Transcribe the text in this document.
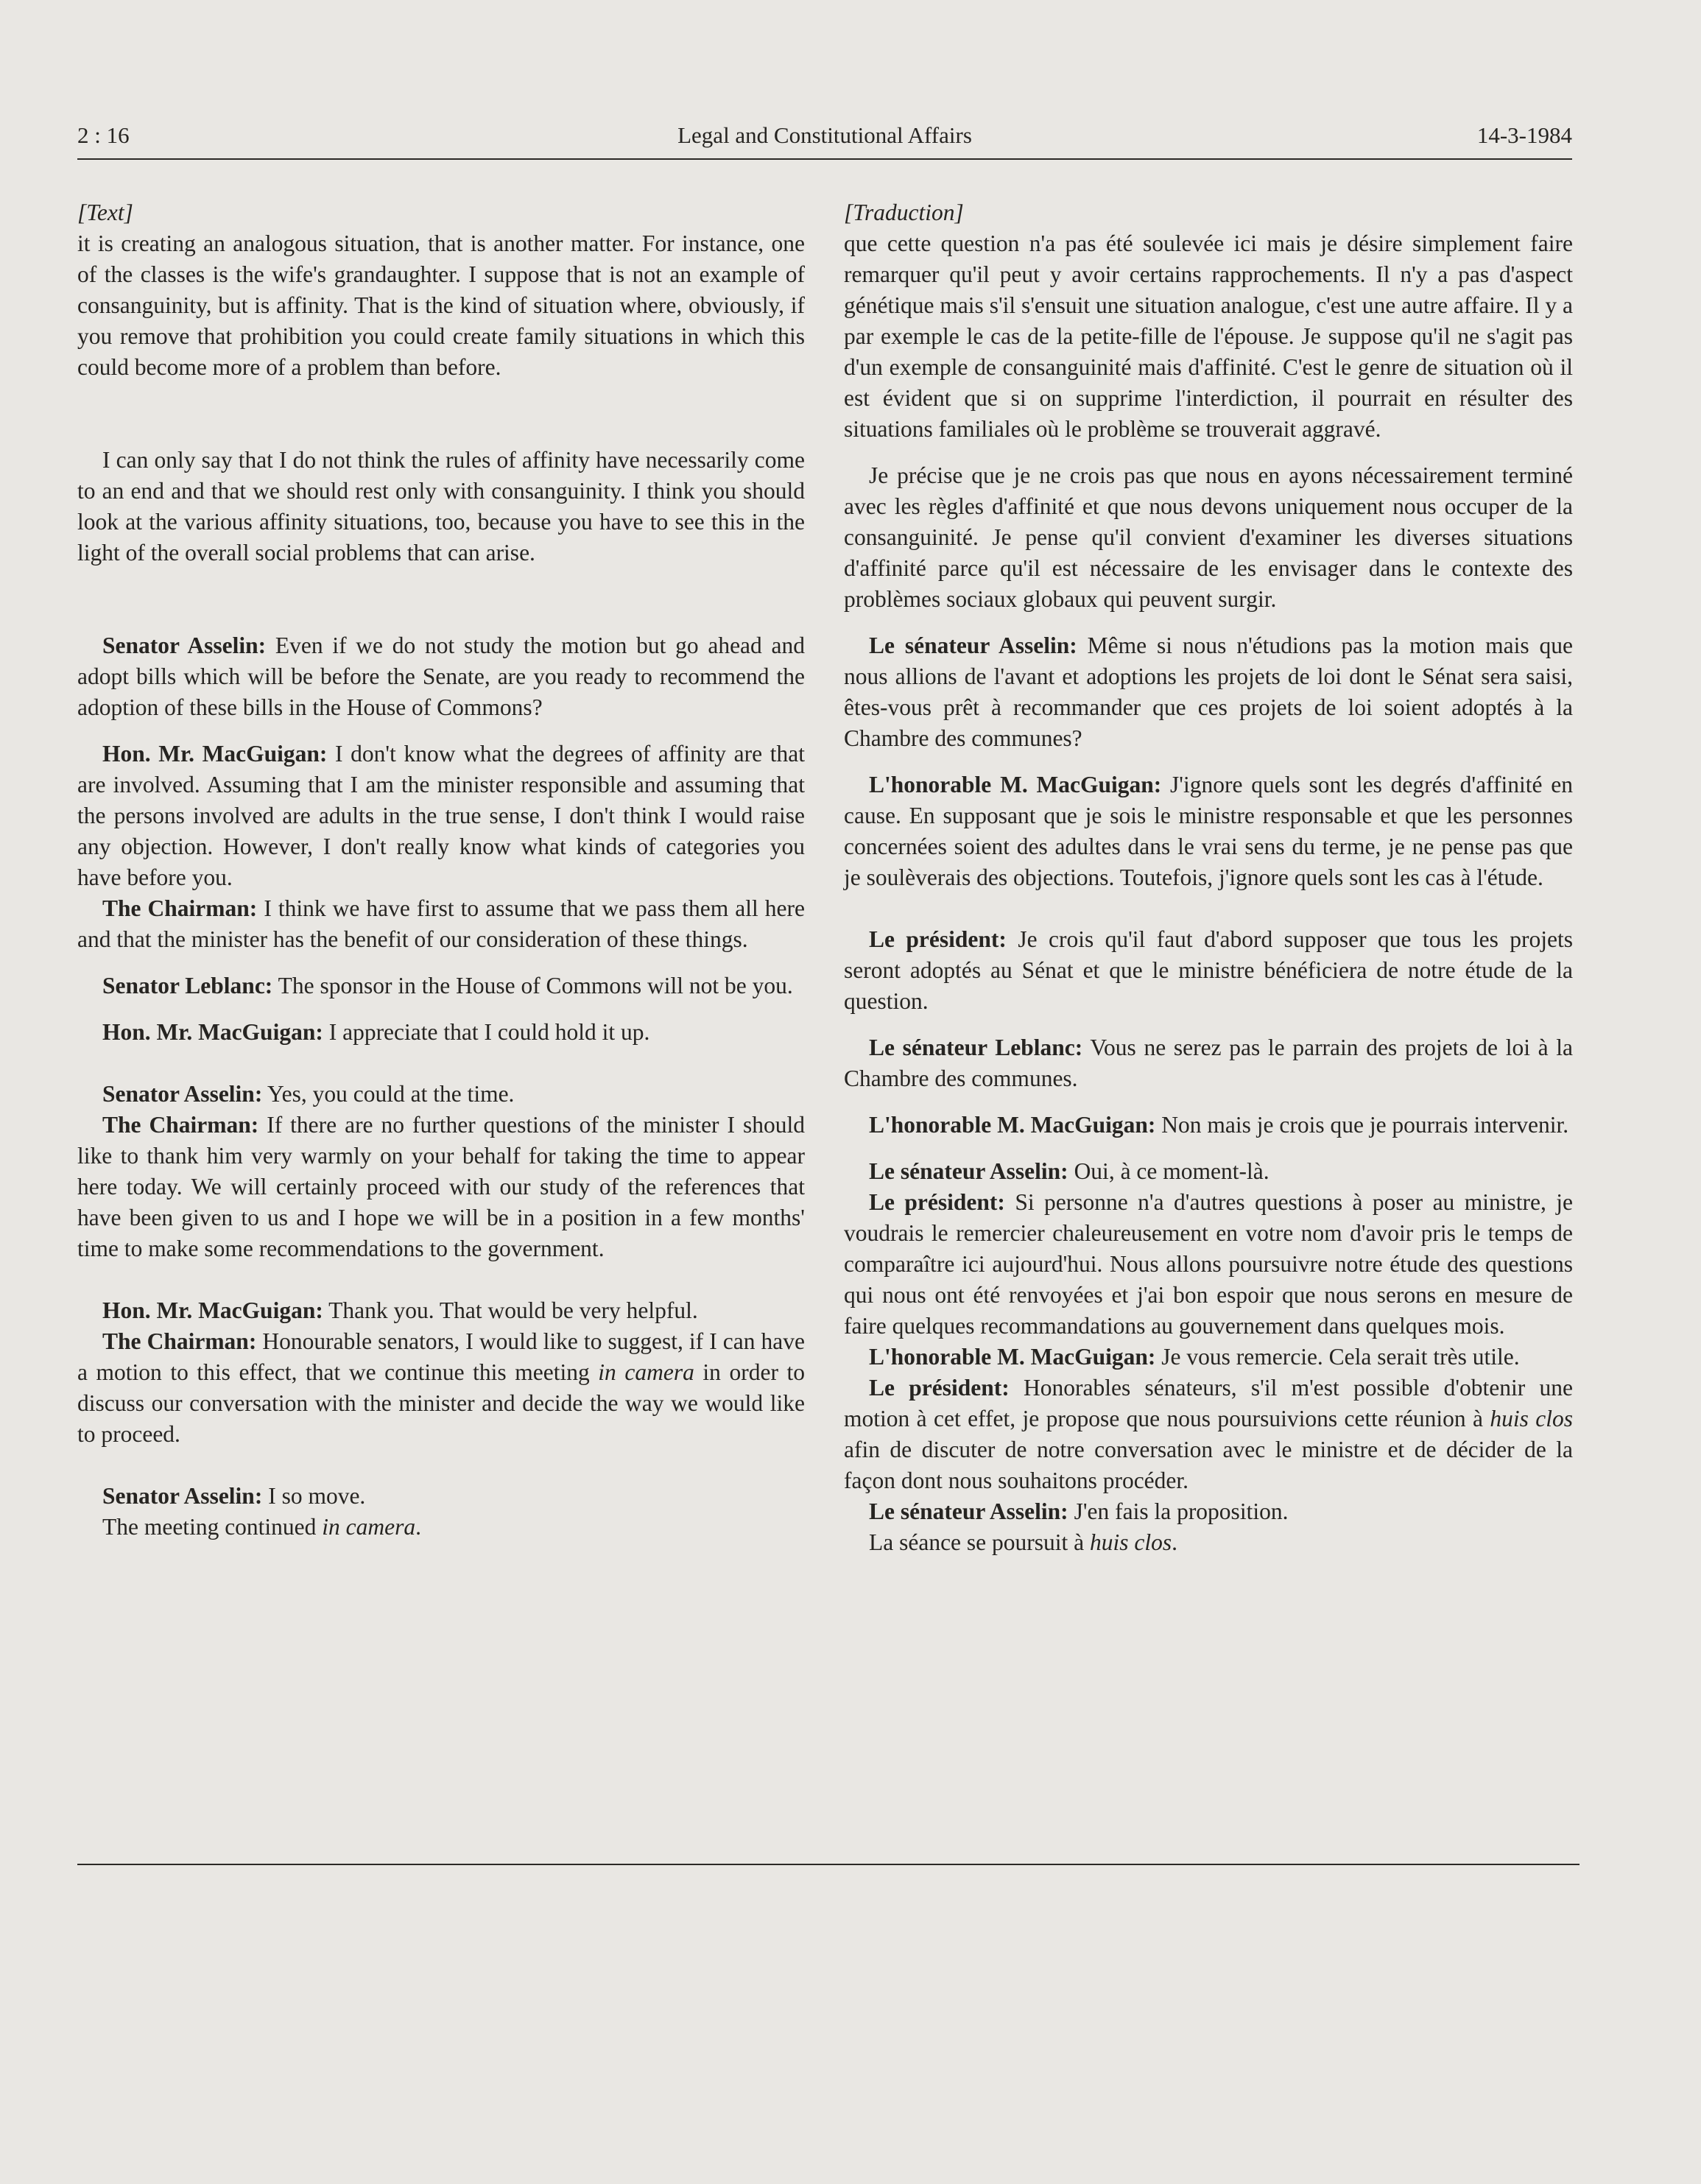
2 : 16	Legal and Constitutional Affairs	14-3-1984

[Text]

it is creating an analogous situation, that is another matter. For instance, one of the classes is the wife's grandaughter. I suppose that is not an example of consanguinity, but is affinity. That is the kind of situation where, obviously, if you remove that prohibition you could create family situations in which this could become more of a problem than before.

I can only say that I do not think the rules of affinity have necessarily come to an end and that we should rest only with consanguinity. I think you should look at the various affinity situations, too, because you have to see this in the light of the overall social problems that can arise.

Senator Asselin: Even if we do not study the motion but go ahead and adopt bills which will be before the Senate, are you ready to recommend the adoption of these bills in the House of Commons?

Hon. Mr. MacGuigan: I don't know what the degrees of affinity are that are involved. Assuming that I am the minister responsible and assuming that the persons involved are adults in the true sense, I don't think I would raise any objection. However, I don't really know what kinds of categories you have before you.

The Chairman: I think we have first to assume that we pass them all here and that the minister has the benefit of our consideration of these things.

Senator Leblanc: The sponsor in the House of Commons will not be you.

Hon. Mr. MacGuigan: I appreciate that I could hold it up.

Senator Asselin: Yes, you could at the time.

The Chairman: If there are no further questions of the minister I should like to thank him very warmly on your behalf for taking the time to appear here today. We will certainly proceed with our study of the references that have been given to us and I hope we will be in a position in a few months' time to make some recommendations to the government.

Hon. Mr. MacGuigan: Thank you. That would be very helpful.

The Chairman: Honourable senators, I would like to suggest, if I can have a motion to this effect, that we continue this meeting in camera in order to discuss our conversation with the minister and decide the way we would like to proceed.

Senator Asselin: I so move.

The meeting continued in camera.

[Traduction]

que cette question n'a pas été soulevée ici mais je désire simplement faire remarquer qu'il peut y avoir certains rapprochements. Il n'y a pas d'aspect génétique mais s'il s'ensuit une situation analogue, c'est une autre affaire. Il y a par exemple le cas de la petite-fille de l'épouse. Je suppose qu'il ne s'agit pas d'un exemple de consanguinité mais d'affinité. C'est le genre de situation où il est évident que si on supprime l'interdiction, il pourrait en résulter des situations familiales où le problème se trouverait aggravé.

Je précise que je ne crois pas que nous en ayons nécessairement terminé avec les règles d'affinité et que nous devons uniquement nous occuper de la consanguinité. Je pense qu'il convient d'examiner les diverses situations d'affinité parce qu'il est nécessaire de les envisager dans le contexte des problèmes sociaux globaux qui peuvent surgir.

Le sénateur Asselin: Même si nous n'étudions pas la motion mais que nous allions de l'avant et adoptions les projets de loi dont le Sénat sera saisi, êtes-vous prêt à recommander que ces projets de loi soient adoptés à la Chambre des communes?

L'honorable M. MacGuigan: J'ignore quels sont les degrés d'affinité en cause. En supposant que je sois le ministre responsable et que les personnes concernées soient des adultes dans le vrai sens du terme, je ne pense pas que je soulèverais des objections. Toutefois, j'ignore quels sont les cas à l'étude.

Le président: Je crois qu'il faut d'abord supposer que tous les projets seront adoptés au Sénat et que le ministre bénéficiera de notre étude de la question.

Le sénateur Leblanc: Vous ne serez pas le parrain des projets de loi à la Chambre des communes.

L'honorable M. MacGuigan: Non mais je crois que je pourrais intervenir.

Le sénateur Asselin: Oui, à ce moment-là.

Le président: Si personne n'a d'autres questions à poser au ministre, je voudrais le remercier chaleureusement en votre nom d'avoir pris le temps de comparaître ici aujourd'hui. Nous allons poursuivre notre étude des questions qui nous ont été renvoyées et j'ai bon espoir que nous serons en mesure de faire quelques recommandations au gouvernement dans quelques mois.

L'honorable M. MacGuigan: Je vous remercie. Cela serait très utile.

Le président: Honorables sénateurs, s'il m'est possible d'obtenir une motion à cet effet, je propose que nous poursuivions cette réunion à huis clos afin de discuter de notre conversation avec le ministre et de décider de la façon dont nous souhaitons procéder.

Le sénateur Asselin: J'en fais la proposition.

La séance se poursuit à huis clos.
